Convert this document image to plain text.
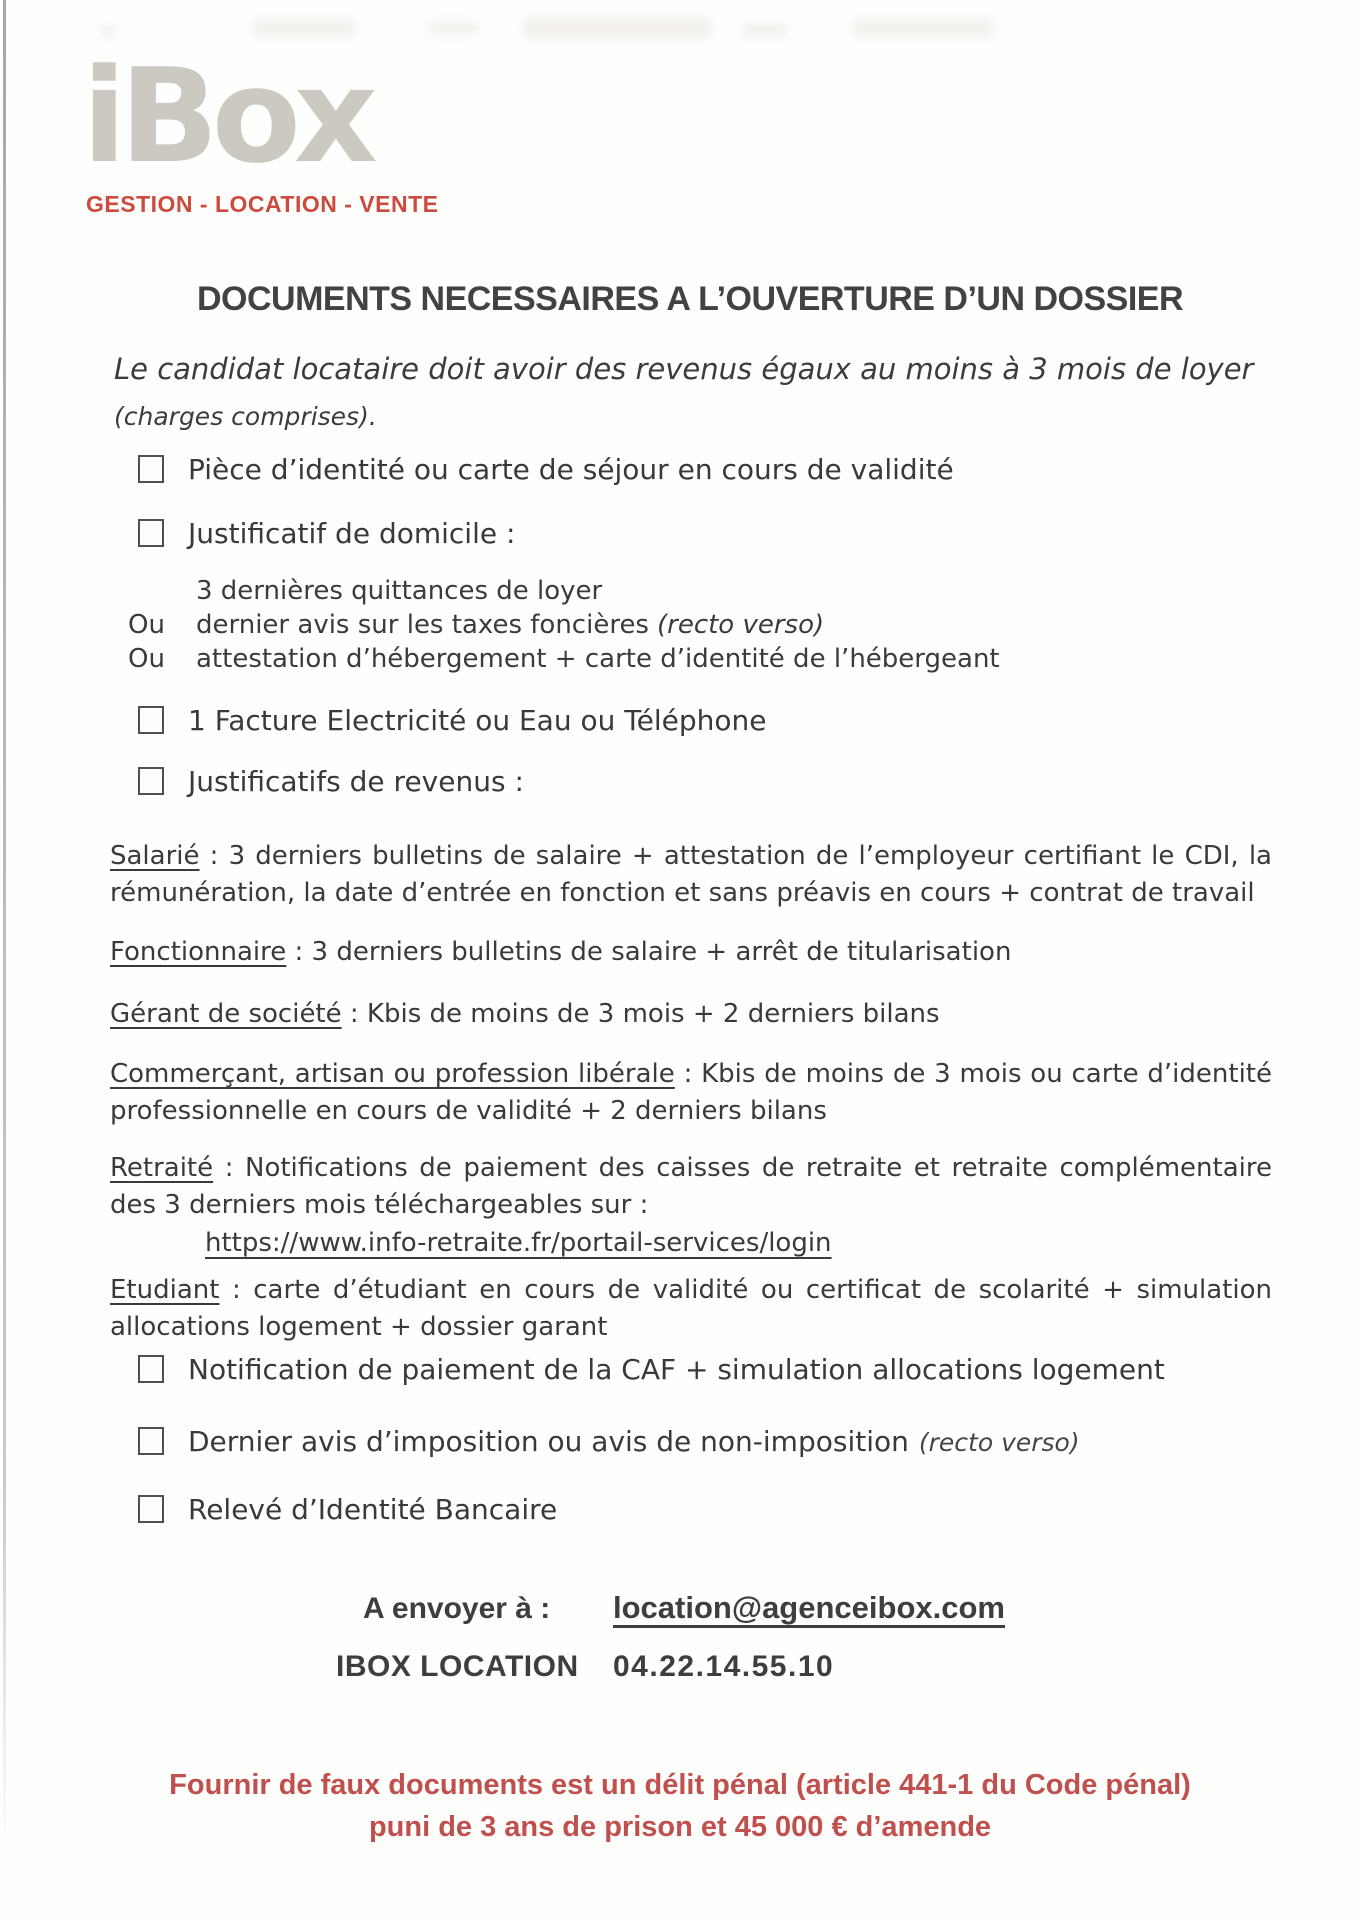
iBox
GESTION - LOCATION - VENTE
DOCUMENTS NECESSAIRES A L’OUVERTURE D’UN DOSSIER
Le candidat locataire doit avoir des revenus égaux au moins à 3 mois de loyer
(charges comprises).
Pièce d’identité ou carte de séjour en cours de validité
Justificatif de domicile :
3 dernières quittances de loyer
Ou	dernier avis sur les taxes foncières (recto verso)
Ou	attestation d’hébergement + carte d’identité de l’hébergeant
1 Facture Electricité ou Eau ou Téléphone
Justificatifs de revenus :

Salarié : 3 derniers bulletins de salaire + attestation de l’employeur certifiant le CDI, la rémunération, la date d’entrée en fonction et sans préavis en cours + contrat de travail

Fonctionnaire : 3 derniers bulletins de salaire + arrêt de titularisation

Gérant de société : Kbis de moins de 3 mois + 2 derniers bilans

Commerçant, artisan ou profession libérale : Kbis de moins de 3 mois ou carte d’identité professionnelle en cours de validité + 2 derniers bilans

Retraité : Notifications de paiement des caisses de retraite et retraite complémentaire des 3 derniers mois téléchargeables sur :
https://www.info-retraite.fr/portail-services/login

Etudiant : carte d’étudiant en cours de validité ou certificat de scolarité + simulation allocations logement + dossier garant

Notification de paiement de la CAF + simulation allocations logement
Dernier avis d’imposition ou avis de non-imposition (recto verso)
Relevé d’Identité Bancaire
A envoyer à : location@agenceibox.com
IBOX LOCATION 04.22.14.55.10
Fournir de faux documents est un délit pénal (article 441-1 du Code pénal)
puni de 3 ans de prison et 45 000 € d’amende
